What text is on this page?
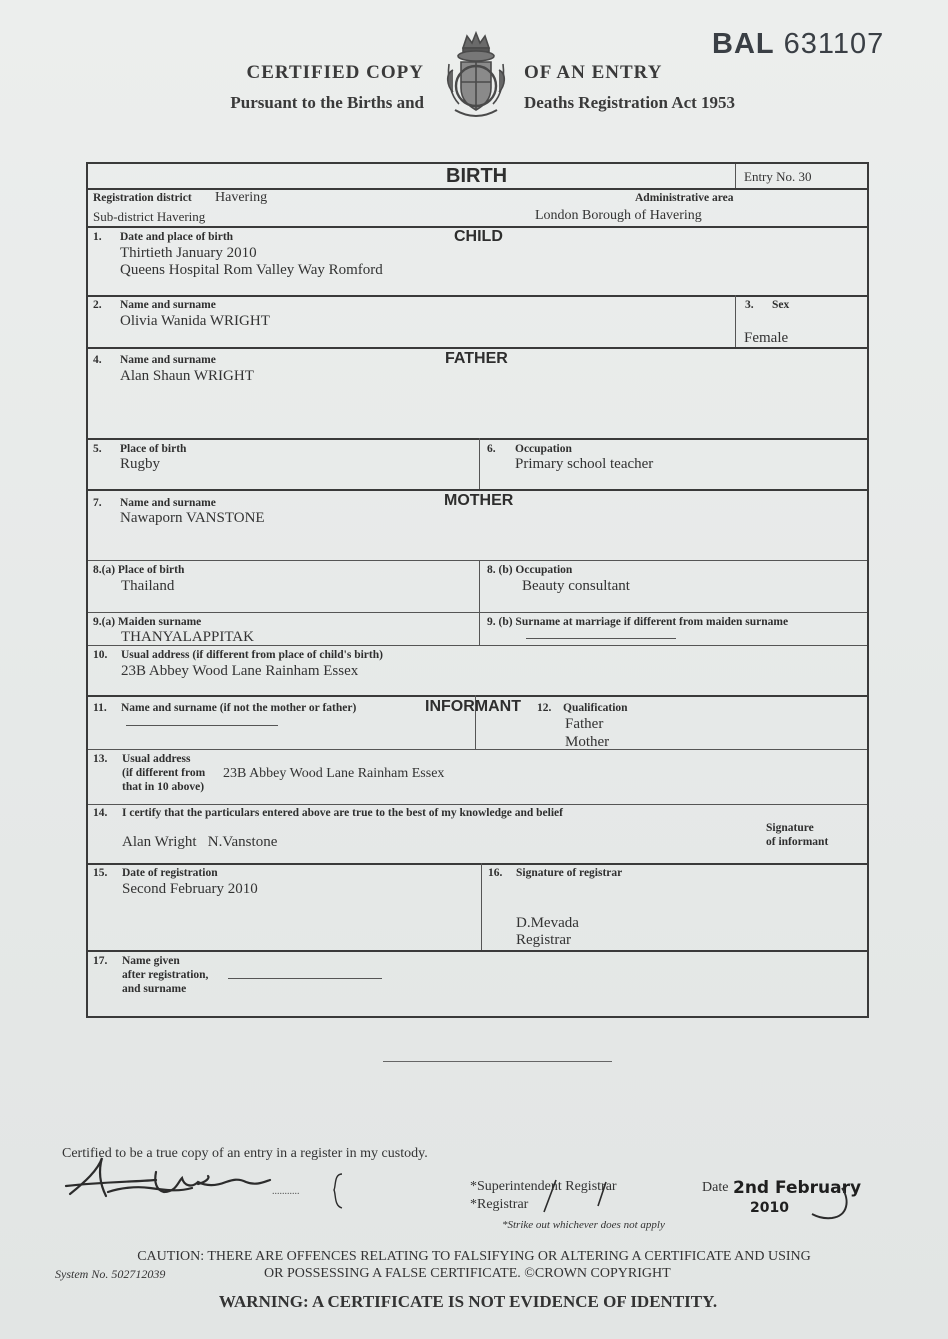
CERTIFIED COPY
Pursuant to the Births and
OF AN ENTRY
Deaths Registration Act 1953
BAL 631107
BIRTH	Entry No. 30
Registration district Havering
Sub-district Havering
Administrative area
London Borough of Havering
CHILD
1. Date and place of birth
Thirtieth January 2010
Queens Hospital Rom Valley Way Romford
2. Name and surname
Olivia Wanida WRIGHT
3. Sex
Female
FATHER
4. Name and surname
Alan Shaun WRIGHT
5. Place of birth
Rugby
6. Occupation
Primary school teacher
MOTHER
7. Name and surname
Nawaporn VANSTONE
8.(a) Place of birth
Thailand
8. (b) Occupation
Beauty consultant
9.(a) Maiden surname
THANYALAPPITAK
9. (b) Surname at marriage if different from maiden surname
10. Usual address (if different from place of child's birth)
23B Abbey Wood Lane Rainham Essex
INFORMANT
11. Name and surname (if not the mother or father)	12. Qualification
Father
Mother
13. Usual address
(if different from
that in 10 above)
23B Abbey Wood Lane Rainham Essex
14. I certify that the particulars entered above are true to the best of my knowledge and belief
Alan Wright   N.Vanstone
Signature
of informant
15. Date of registration
Second February 2010
16. Signature of registrar
D.Mevada
Registrar
17. Name given
after registration,
and surname
Certified to be a true copy of an entry in a register in my custody.
...........	*Superintendent Registrar
*Registrar
*Strike out whichever does not apply
Date 2nd February
2010
CAUTION: THERE ARE OFFENCES RELATING TO FALSIFYING OR ALTERING A CERTIFICATE AND USING
OR POSSESSING A FALSE CERTIFICATE. ©CROWN COPYRIGHT
System No. 502712039
WARNING: A CERTIFICATE IS NOT EVIDENCE OF IDENTITY.
